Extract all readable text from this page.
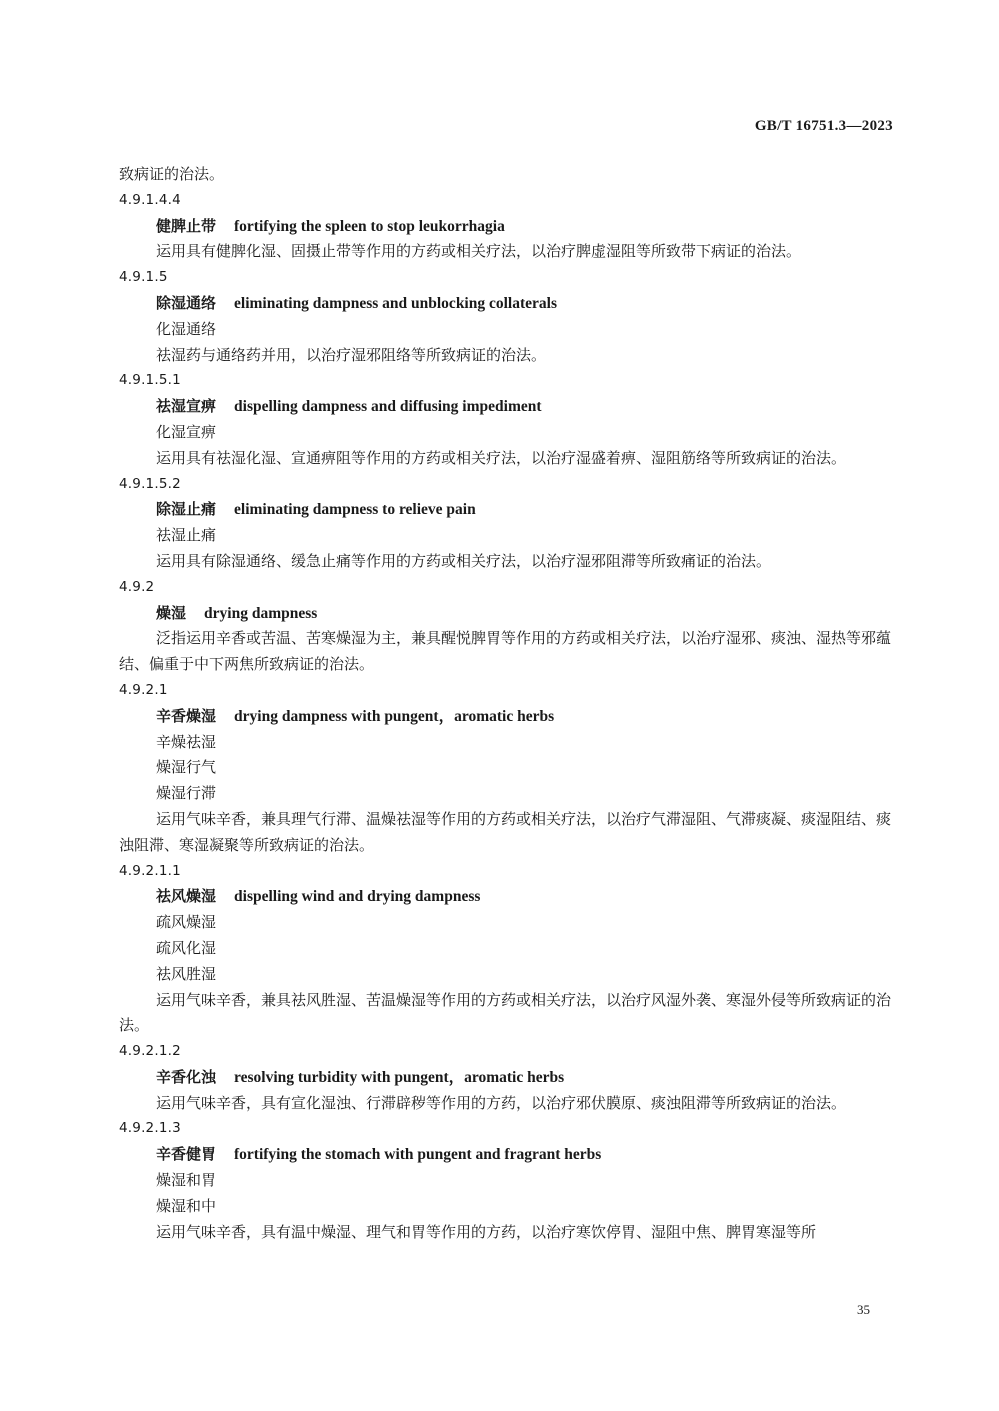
GB/T 16751.3—2023

致病证的治法。

4.9.1.4.4

健脾止带 fortifying the spleen to stop leukorrhagia

运用具有健脾化湿、固摄止带等作用的方药或相关疗法，以治疗脾虚湿阻等所致带下病证的治法。

4.9.1.5

除湿通络 eliminating dampness and unblocking collaterals

化湿通络

祛湿药与通络药并用，以治疗湿邪阻络等所致病证的治法。

4.9.1.5.1

祛湿宣痹 dispelling dampness and diffusing impediment

化湿宣痹

运用具有祛湿化湿、宣通痹阻等作用的方药或相关疗法，以治疗湿盛着痹、湿阻筋络等所致病证的治法。

4.9.1.5.2

除湿止痛 eliminating dampness to relieve pain

祛湿止痛

运用具有除湿通络、缓急止痛等作用的方药或相关疗法，以治疗湿邪阻滞等所致痛证的治法。

4.9.2

燥湿 drying dampness

泛指运用辛香或苦温、苦寒燥湿为主，兼具醒悦脾胃等作用的方药或相关疗法，以治疗湿邪、痰浊、湿热等邪蕴结、偏重于中下两焦所致病证的治法。

4.9.2.1

辛香燥湿 drying dampness with pungent，aromatic herbs

辛燥祛湿

燥湿行气

燥湿行滞

运用气味辛香，兼具理气行滞、温燥祛湿等作用的方药或相关疗法，以治疗气滞湿阻、气滞痰凝、痰湿阻结、痰浊阻滞、寒湿凝聚等所致病证的治法。

4.9.2.1.1

祛风燥湿 dispelling wind and drying dampness

疏风燥湿

疏风化湿

祛风胜湿

运用气味辛香，兼具祛风胜湿、苦温燥湿等作用的方药或相关疗法，以治疗风湿外袭、寒湿外侵等所致病证的治法。

4.9.2.1.2

辛香化浊 resolving turbidity with pungent，aromatic herbs

运用气味辛香，具有宣化湿浊、行滞辟秽等作用的方药，以治疗邪伏膜原、痰浊阻滞等所致病证的治法。

4.9.2.1.3

辛香健胃 fortifying the stomach with pungent and fragrant herbs

燥湿和胃

燥湿和中

运用气味辛香，具有温中燥湿、理气和胃等作用的方药，以治疗寒饮停胃、湿阻中焦、脾胃寒湿等所

35
